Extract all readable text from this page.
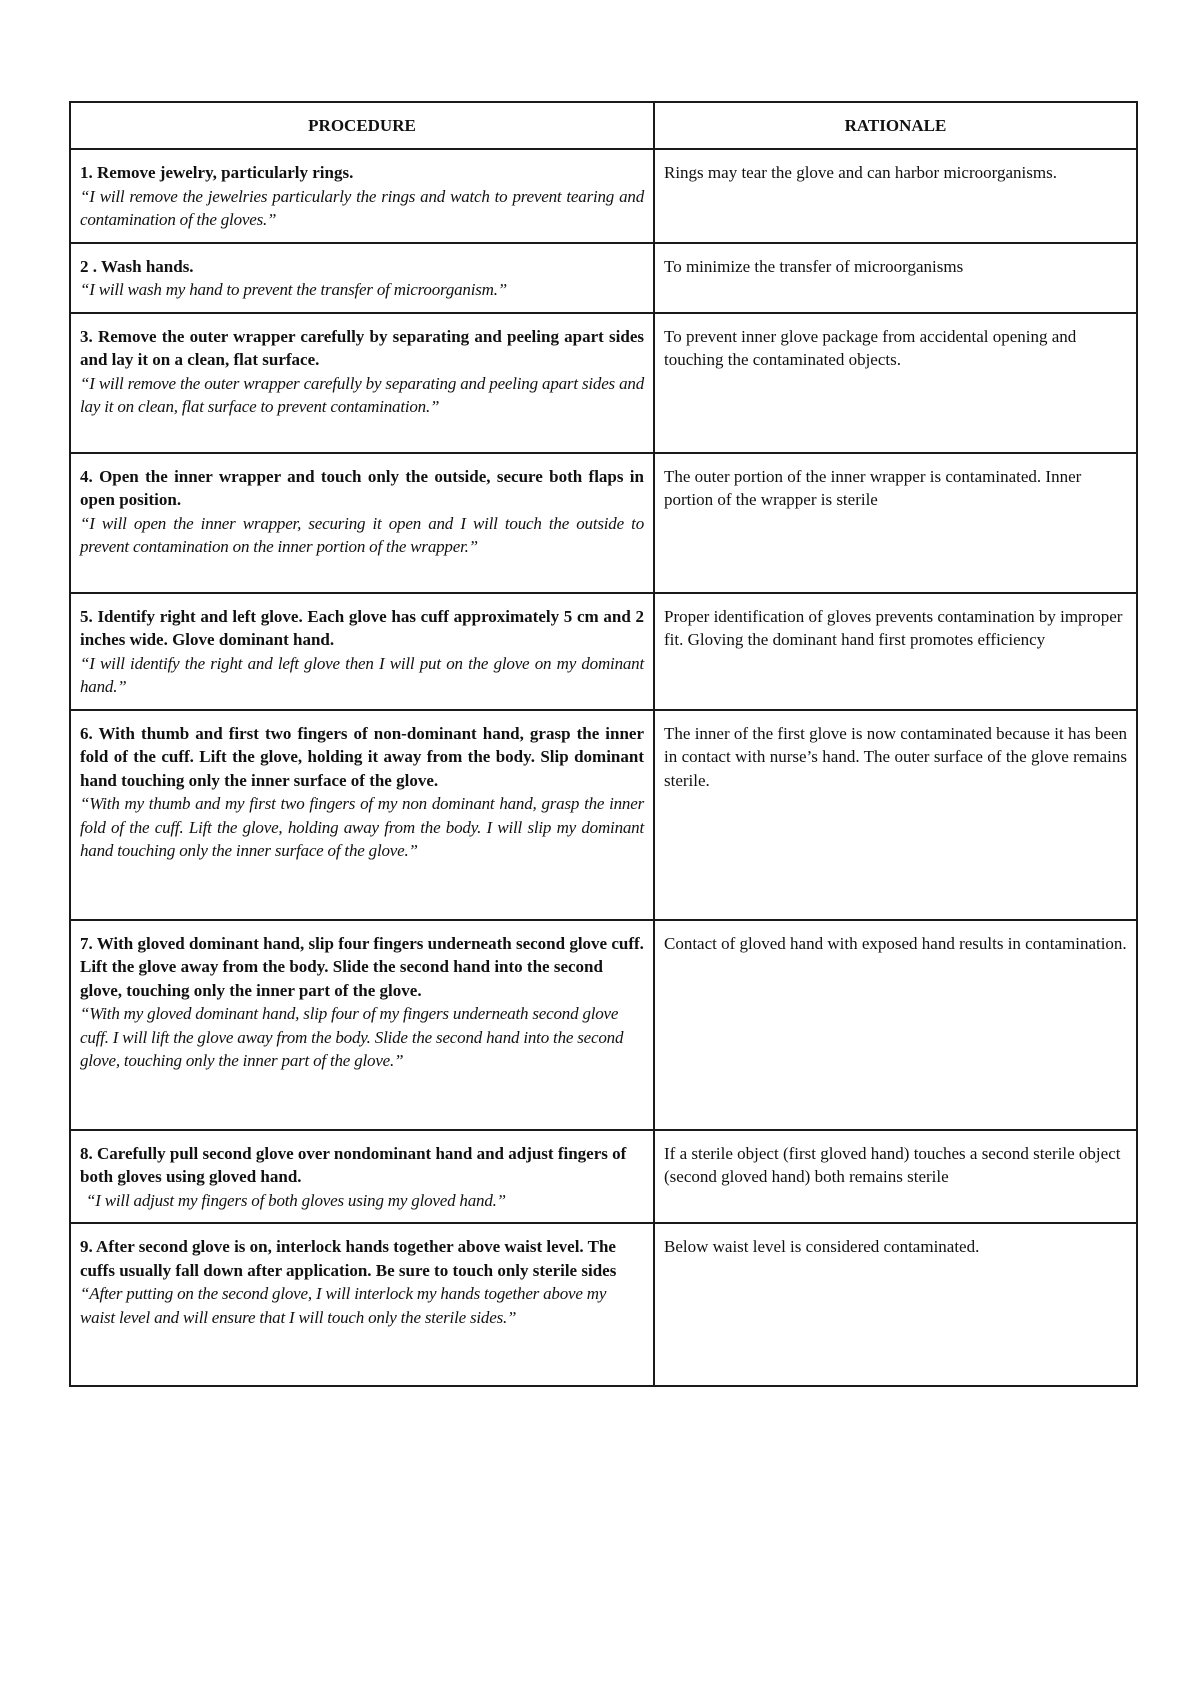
PROCEDURE	RATIONALE

1. Remove jewelry, particularly rings.
“I will remove the jewelries particularly the rings and watch to prevent tearing and contamination of the gloves.”	Rings may tear the glove and can harbor microorganisms.

2 . Wash hands.
“I will wash my hand to prevent the transfer of microorganism.”	To minimize the transfer of microorganisms

3. Remove the outer wrapper carefully by separating and peeling apart sides and lay it on a clean, flat surface.
“I will remove the outer wrapper carefully by separating and peeling apart sides and lay it on clean, flat surface to prevent contamination.”	To prevent inner glove package from accidental opening and touching the contaminated objects.

4. Open the inner wrapper and touch only the outside, secure both flaps in open position.
“I will open the inner wrapper, securing it open and I will touch the outside to prevent contamination on the inner portion of the wrapper.”	The outer portion of the inner wrapper is contaminated. Inner portion of the wrapper is sterile

5. Identify right and left glove. Each glove has cuff approximately 5 cm and 2 inches wide. Glove dominant hand.
“I will identify the right and left glove then I will put on the glove on my dominant hand.”	Proper identification of gloves prevents contamination by improper fit. Gloving the dominant hand first promotes efficiency

6. With thumb and first two fingers of non-dominant hand, grasp the inner fold of the cuff. Lift the glove, holding it away from the body. Slip dominant hand touching only the inner surface of the glove.
“With my thumb and my first two fingers of my non dominant hand, grasp the inner fold of the cuff. Lift the glove, holding away from the body. I will slip my dominant hand touching only the inner surface of the glove.”	The inner of the first glove is now contaminated because it has been in contact with nurse’s hand. The outer surface of the glove remains sterile.

7. With gloved dominant hand, slip four fingers underneath second glove cuff. Lift the glove away from the body. Slide the second hand into the second glove, touching only the inner part of the glove.
“With my gloved dominant hand, slip four of my fingers underneath second glove cuff. I will lift the glove away from the body. Slide the second hand into the second glove, touching only the inner part of the glove.”	Contact of gloved hand with exposed hand results in contamination.

8. Carefully pull second glove over nondominant hand and adjust fingers of both gloves using gloved hand.
“I will adjust my fingers of both gloves using my gloved hand.”	If a sterile object (first gloved hand) touches a second sterile object (second gloved hand) both remains sterile

9. After second glove is on, interlock hands together above waist level. The cuffs usually fall down after application. Be sure to touch only sterile sides
“After putting on the second glove, I will interlock my hands together above my waist level and will ensure that I will touch only the sterile sides.”	Below waist level is considered contaminated.
